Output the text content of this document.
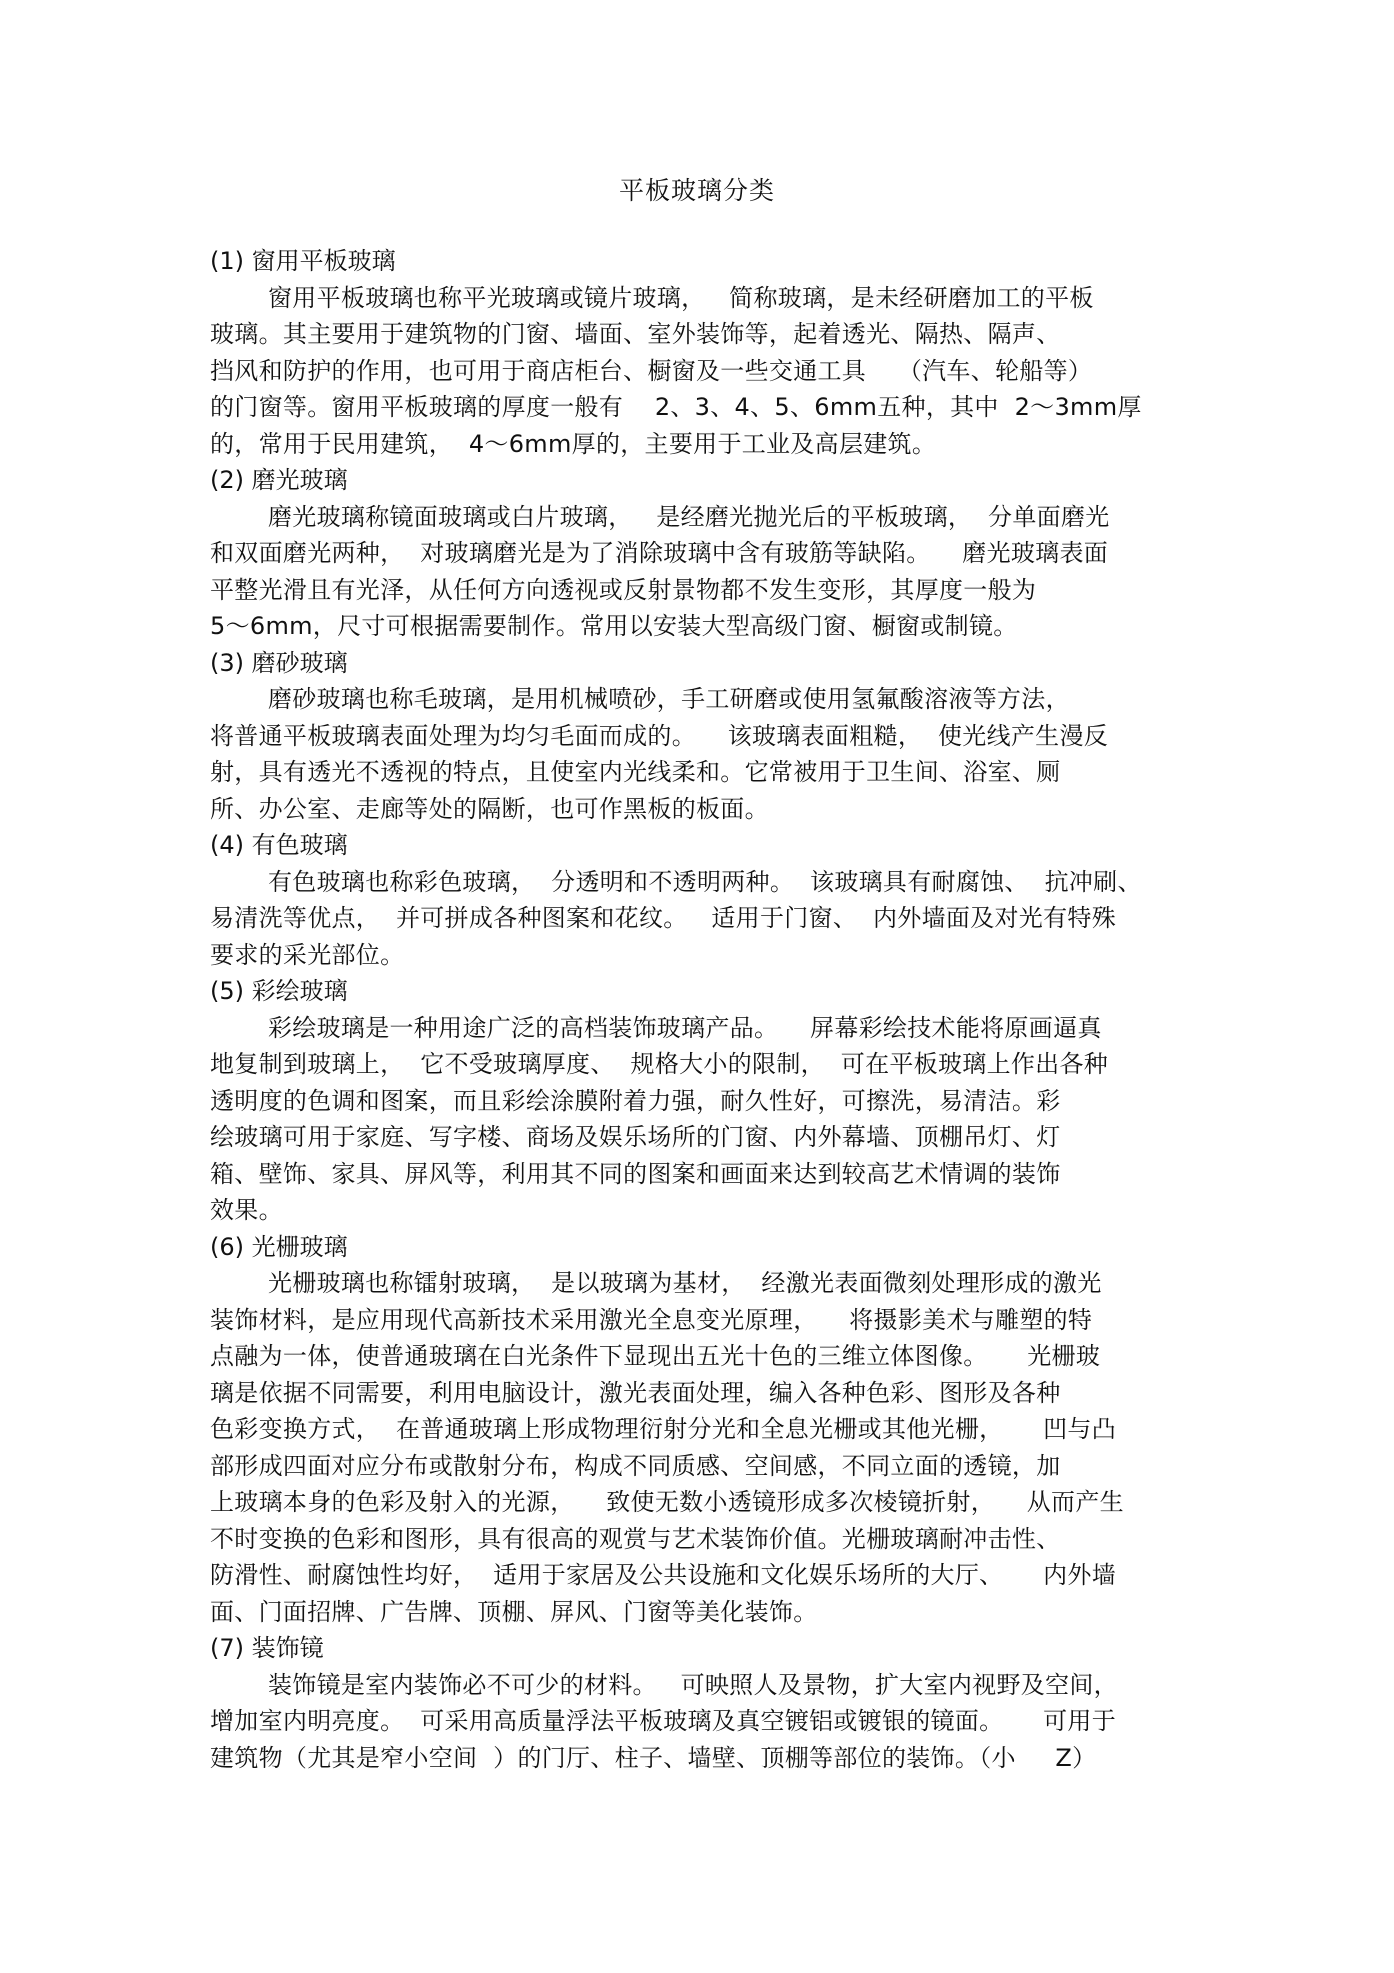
平板玻璃分类
(1) 窗用平板玻璃
窗用平板玻璃也称平光玻璃或镜片玻璃，   简称玻璃，是未经研磨加工的平板
玻璃。其主要用于建筑物的门窗、墙面、室外装饰等，起着透光、隔热、隔声、
挡风和防护的作用，也可用于商店柜台、橱窗及一些交通工具    （汽车、轮船等）
的门窗等。窗用平板玻璃的厚度一般有    2、3、4、5、6mm五种，其中  2～3mm厚
的，常用于民用建筑，  4～6mm厚的，主要用于工业及高层建筑。
(2) 磨光玻璃
磨光玻璃称镜面玻璃或白片玻璃，   是经磨光抛光后的平板玻璃，  分单面磨光
和双面磨光两种，  对玻璃磨光是为了消除玻璃中含有玻筋等缺陷。    磨光玻璃表面
平整光滑且有光泽，从任何方向透视或反射景物都不发生变形，其厚度一般为
5～6mm，尺寸可根据需要制作。常用以安装大型高级门窗、橱窗或制镜。
(3) 磨砂玻璃
磨砂玻璃也称毛玻璃，是用机械喷砂，手工研磨或使用氢氟酸溶液等方法，
将普通平板玻璃表面处理为均匀毛面而成的。    该玻璃表面粗糙，  使光线产生漫反
射，具有透光不透视的特点，且使室内光线柔和。它常被用于卫生间、浴室、厕
所、办公室、走廊等处的隔断，也可作黑板的板面。
(4) 有色玻璃
有色玻璃也称彩色玻璃，  分透明和不透明两种。  该玻璃具有耐腐蚀、  抗冲刷、
易清洗等优点，  并可拼成各种图案和花纹。   适用于门窗、  内外墙面及对光有特殊
要求的采光部位。
(5) 彩绘玻璃
彩绘玻璃是一种用途广泛的高档装饰玻璃产品。    屏幕彩绘技术能将原画逼真
地复制到玻璃上，  它不受玻璃厚度、  规格大小的限制，  可在平板玻璃上作出各种
透明度的色调和图案，而且彩绘涂膜附着力强，耐久性好，可擦洗，易清洁。彩
绘玻璃可用于家庭、写字楼、商场及娱乐场所的门窗、内外幕墙、顶棚吊灯、灯
箱、壁饰、家具、屏风等，利用其不同的图案和画面来达到较高艺术情调的装饰
效果。
(6) 光栅玻璃
光栅玻璃也称镭射玻璃，  是以玻璃为基材，  经激光表面微刻处理形成的激光
装饰材料，是应用现代高新技术采用激光全息变光原理，    将摄影美术与雕塑的特
点融为一体，使普通玻璃在白光条件下显现出五光十色的三维立体图像。     光栅玻
璃是依据不同需要，利用电脑设计，激光表面处理，编入各种色彩、图形及各种
色彩变换方式，  在普通玻璃上形成物理衍射分光和全息光栅或其他光栅，     凹与凸
部形成四面对应分布或散射分布，构成不同质感、空间感，不同立面的透镜，加
上玻璃本身的色彩及射入的光源，    致使无数小透镜形成多次棱镜折射，    从而产生
不时变换的色彩和图形，具有很高的观赏与艺术装饰价值。光栅玻璃耐冲击性、
防滑性、耐腐蚀性均好，  适用于家居及公共设施和文化娱乐场所的大厅、     内外墙
面、门面招牌、广告牌、顶棚、屏风、门窗等美化装饰。
(7) 装饰镜
装饰镜是室内装饰必不可少的材料。   可映照人及景物，扩大室内视野及空间，
增加室内明亮度。  可采用高质量浮法平板玻璃及真空镀铝或镀银的镜面。     可用于
建筑物（尤其是窄小空间  ）的门厅、柱子、墙壁、顶棚等部位的装饰。（小     Z）
